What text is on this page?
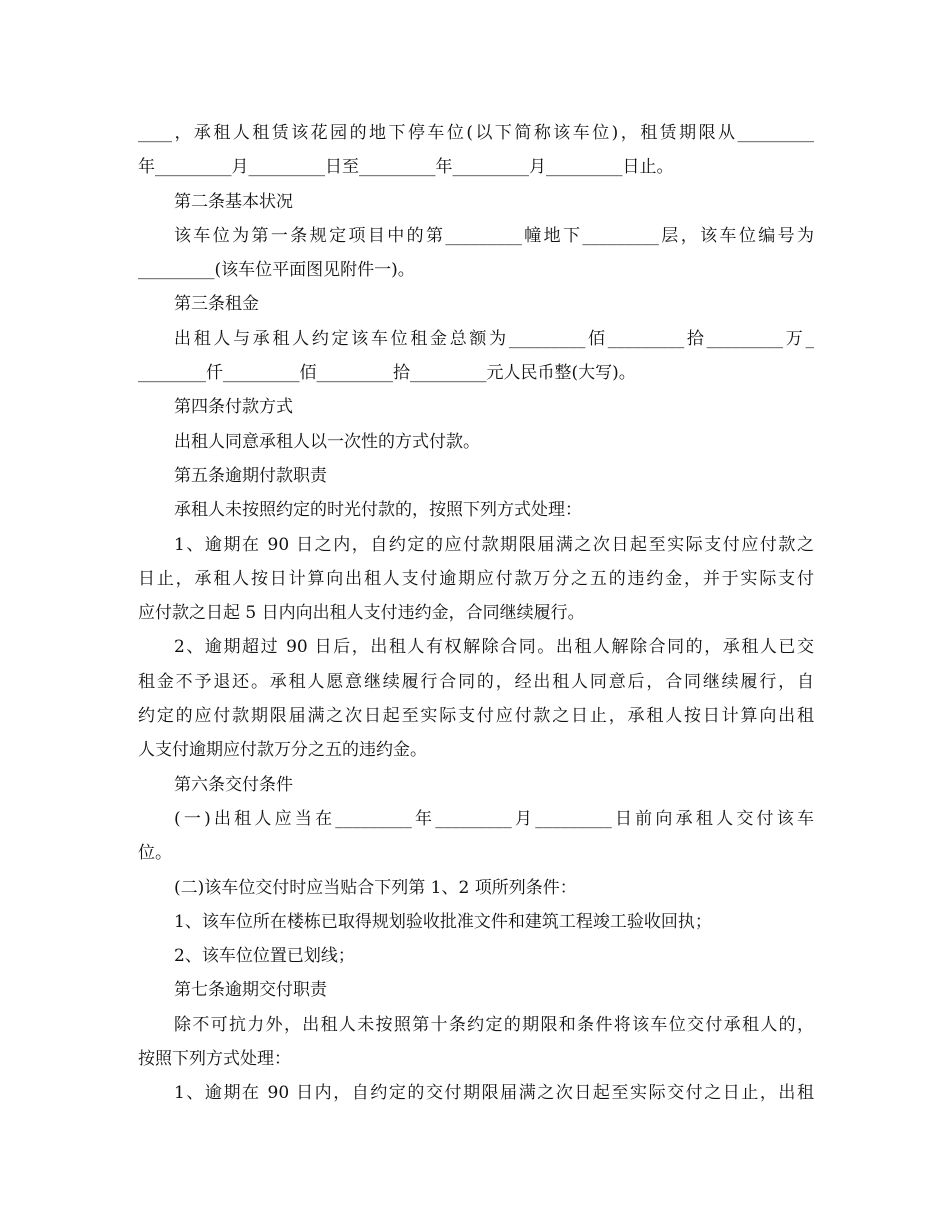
____，承租人租赁该花园的地下停车位(以下简称该车位)，租赁期限从_________
年_________月_________日至_________年_________月_________日止。
第二条基本状况
该车位为第一条规定项目中的第_________幢地下_________层，该车位编号为
_________(该车位平面图见附件一)。
第三条租金
出租人与承租人约定该车位租金总额为_________佰_________拾_________万_
________仟_________佰_________拾_________元人民币整(大写)。
第四条付款方式
出租人同意承租人以一次性的方式付款。
第五条逾期付款职责
承租人未按照约定的时光付款的，按照下列方式处理：
1、逾期在 90 日之内，自约定的应付款期限届满之次日起至实际支付应付款之
日止，承租人按日计算向出租人支付逾期应付款万分之五的违约金，并于实际支付
应付款之日起 5 日内向出租人支付违约金，合同继续履行。
2、逾期超过 90 日后，出租人有权解除合同。出租人解除合同的，承租人已交
租金不予退还。承租人愿意继续履行合同的，经出租人同意后，合同继续履行，自
约定的应付款期限届满之次日起至实际支付应付款之日止，承租人按日计算向出租
人支付逾期应付款万分之五的违约金。
第六条交付条件
(一)出租人应当在_________年_________月_________日前向承租人交付该车
位。
(二)该车位交付时应当贴合下列第 1、2 项所列条件：
1、该车位所在楼栋已取得规划验收批准文件和建筑工程竣工验收回执；
2、该车位位置已划线；
第七条逾期交付职责
除不可抗力外，出租人未按照第十条约定的期限和条件将该车位交付承租人的，
按照下列方式处理：
1、逾期在 90 日内，自约定的交付期限届满之次日起至实际交付之日止，出租
